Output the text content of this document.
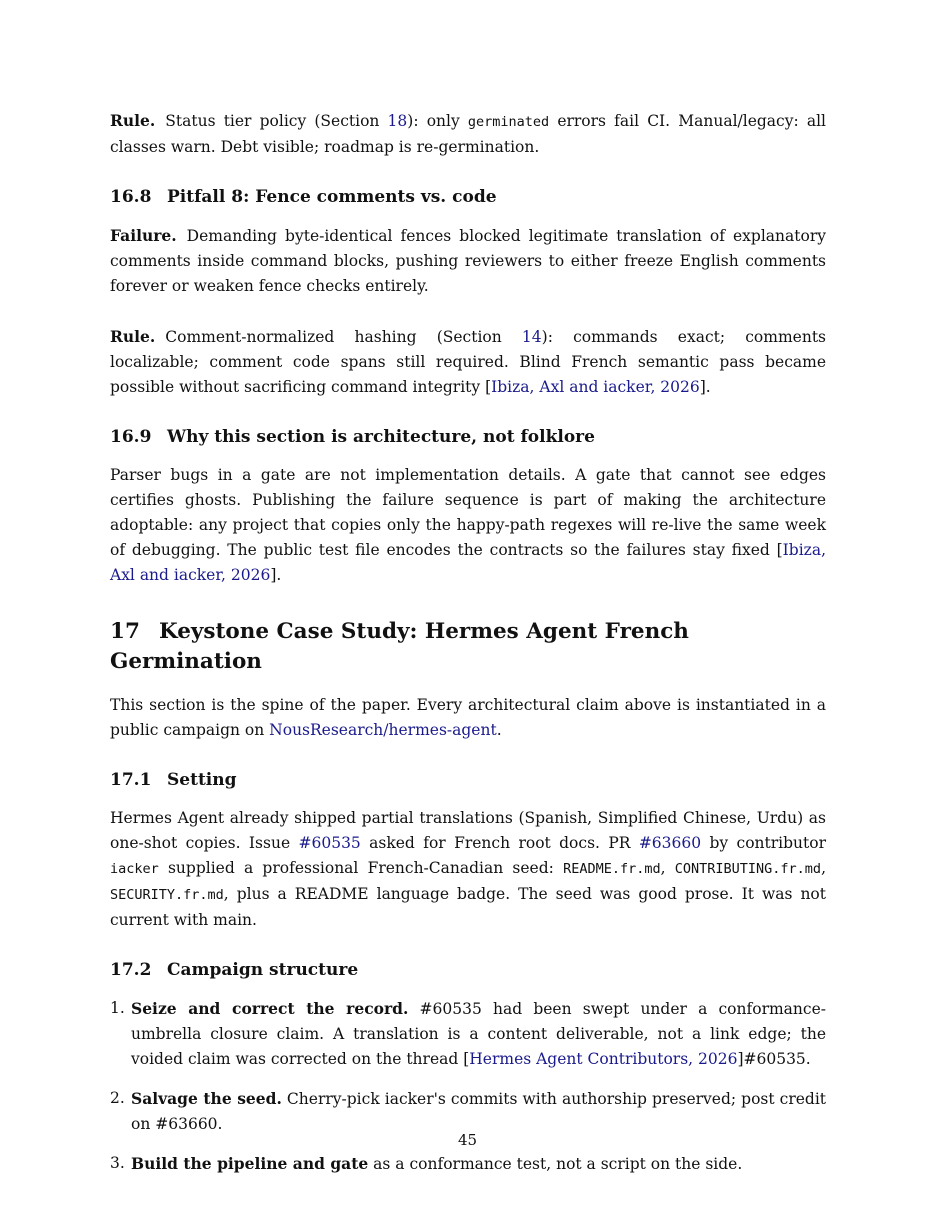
Rule. Status tier policy (Section 18): only germinated errors fail CI. Manual/legacy: all classes warn. Debt visible; roadmap is re-germination.

16.8 Pitfall 8: Fence comments vs. code

Failure. Demanding byte-identical fences blocked legitimate translation of explanatory comments inside command blocks, pushing reviewers to either freeze English comments forever or weaken fence checks entirely.

Rule. Comment-normalized hashing (Section 14): commands exact; comments localizable; comment code spans still required. Blind French semantic pass became possible without sacrificing command integrity [Ibiza, Axl and iacker, 2026].

16.9 Why this section is architecture, not folklore

Parser bugs in a gate are not implementation details. A gate that cannot see edges certifies ghosts. Publishing the failure sequence is part of making the architecture adoptable: any project that copies only the happy-path regexes will re-live the same week of debugging. The public test file encodes the contracts so the failures stay fixed [Ibiza, Axl and iacker, 2026].

17 Keystone Case Study: Hermes Agent French Germination

This section is the spine of the paper. Every architectural claim above is instantiated in a public campaign on NousResearch/hermes-agent.

17.1 Setting

Hermes Agent already shipped partial translations (Spanish, Simplified Chinese, Urdu) as one-shot copies. Issue #60535 asked for French root docs. PR #63660 by contributor iacker supplied a professional French-Canadian seed: README.fr.md, CONTRIBUTING.fr.md, SECURITY.fr.md, plus a README language badge. The seed was good prose. It was not current with main.

17.2 Campaign structure
1. Seize and correct the record. #60535 had been swept under a conformance-umbrella closure claim. A translation is a content deliverable, not a link edge; the voided claim was corrected on the thread [Hermes Agent Contributors, 2026]#60535.
2. Salvage the seed. Cherry-pick iacker's commits with authorship preserved; post credit on #63660.
3. Build the pipeline and gate as a conformance test, not a script on the side.
45
